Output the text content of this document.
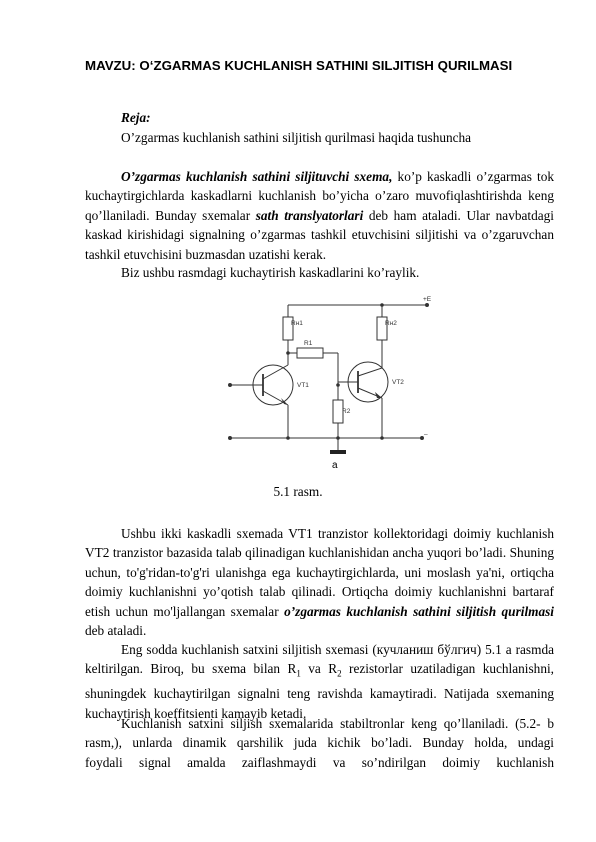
MAVZU: O‘ZGARMAS KUCHLANISH SATHINI SILJITISH QURILMASI
Reja:
O’zgarmas kuchlanish sathini siljitish qurilmasi haqida tushuncha
O’zgarmas kuchlanish sathini siljituvchi sxema, ko’p kaskadli o’zgarmas tok kuchaytirgichlarda kaskadlarni kuchlanish bo’yicha o’zaro muvofiqlashtirishda keng qo’llaniladi. Bunday sxemalar sath translyatorlari deb ham ataladi. Ular navbatdagi kaskad kirishidagi signalning o’zgarmas tashkil etuvchisini siljitishi va o’zgaruvchan tashkil etuvchisini buzmasdan uzatishi kerak.
Biz ushbu rasmdagi kuchaytirish kaskadlarini ko’raylik.
Rн1	Rн2
R1
R2
VT1	VT2
+E
–
a
5.1 rasm.
Ushbu ikki kaskadli sxemada VT1 tranzistor kollektoridagi doimiy kuchlanish VT2 tranzistor bazasida talab qilinadigan kuchlanishidan ancha yuqori bo’ladi. Shuning uchun, to'g'ridan-to'g'ri ulanishga ega kuchaytirgichlarda, uni moslash ya'ni, ortiqcha doimiy kuchlanishni yo’qotish talab qilinadi. Ortiqcha doimiy kuchlanishni bartaraf etish uchun mo'ljallangan sxemalar o’zgarmas kuchlanish sathini siljitish qurilmasi deb ataladi.
Eng sodda kuchlanish satxini siljitish sxemasi (кучланиш бўлгич) 5.1 a rasmda keltirilgan. Biroq, bu sxema bilan $R_1$ va $R_2$ rezistorlar uzatiladigan kuchlanishni, shuningdek kuchaytirilgan signalni teng ravishda kamaytiradi. Natijada sxemaning kuchaytirish koeffitsienti kamayib ketadi.
Kuchlanish satxini siljish sxemalarida stabiltronlar keng qo’llaniladi. (5.2- b
rasm,), unlarda dinamik qarshilik juda kichik bo’ladi. Bunday holda, undagi
foydali signal amalda zaiflashmaydi va so’ndirilgan doimiy kuchlanish
